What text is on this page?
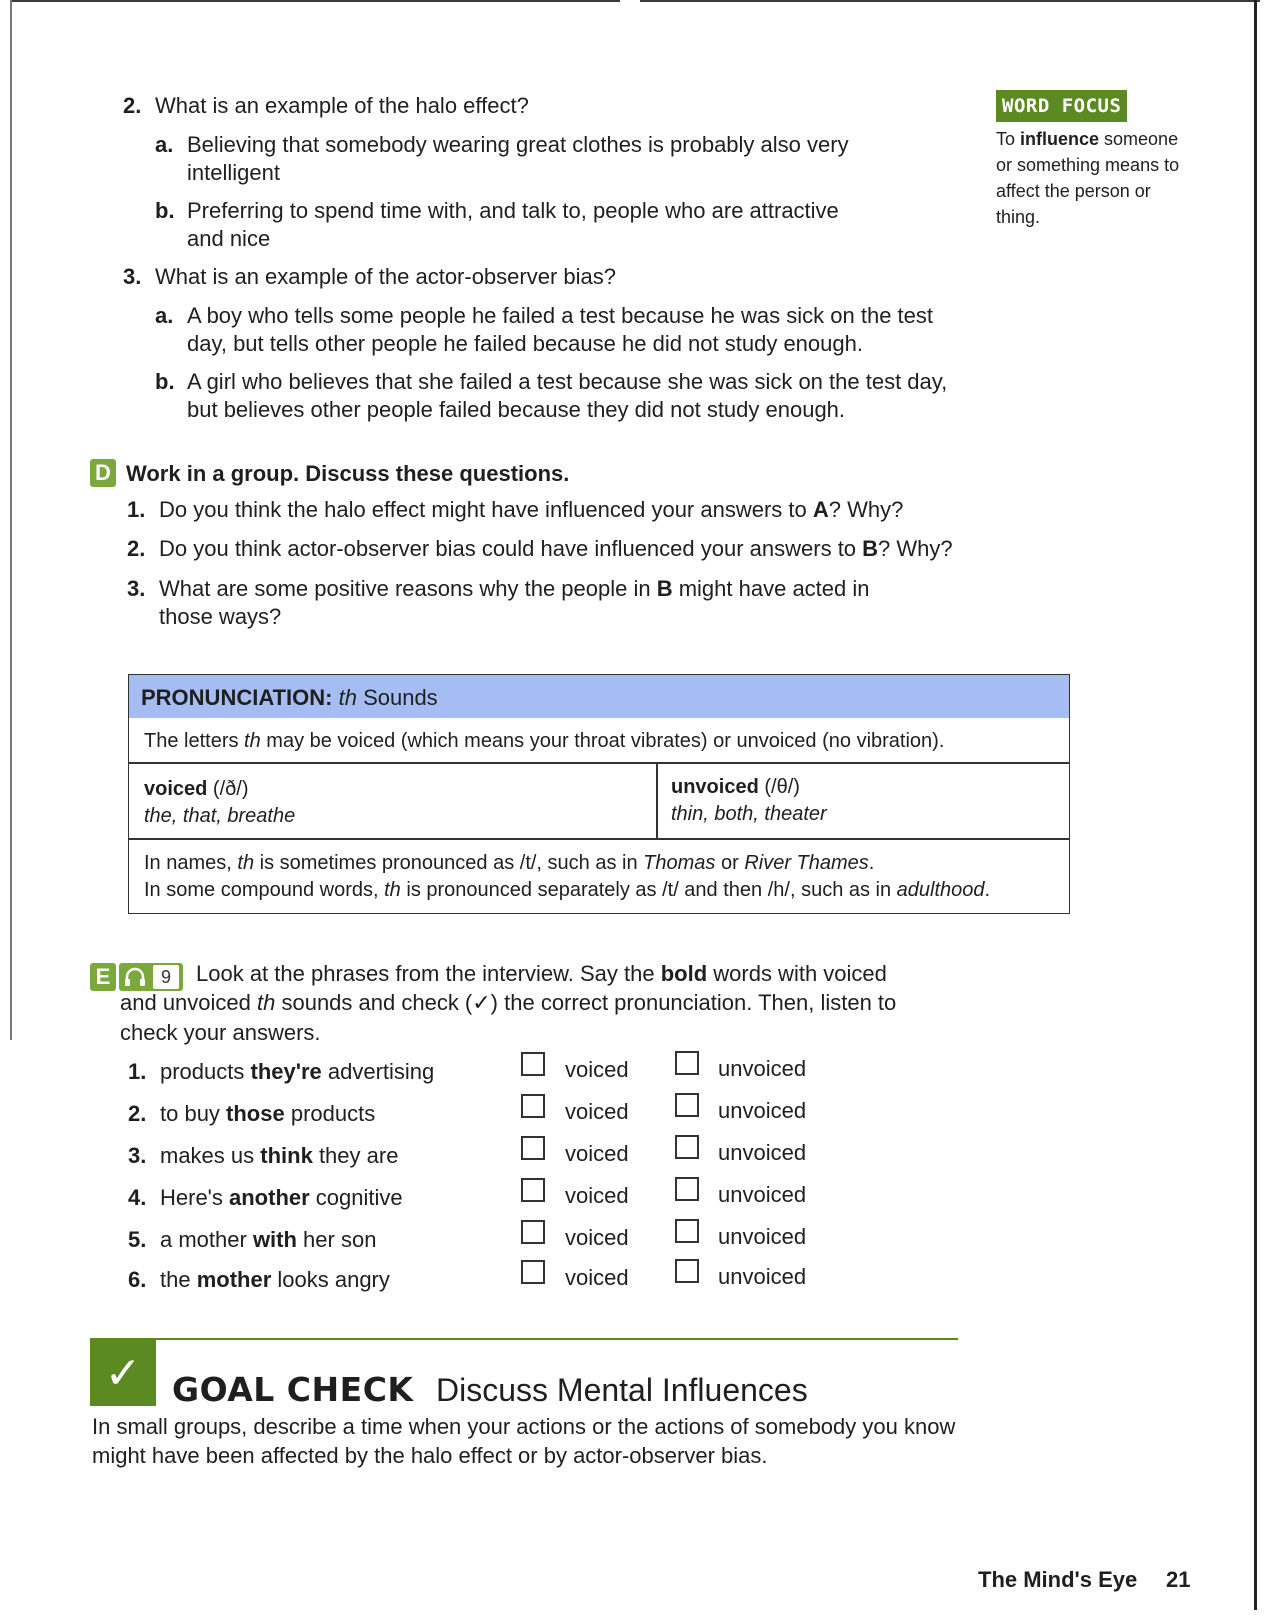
WORD FOCUS
To influence someone or something means to affect the person or thing.
2. What is an example of the halo effect?
a. Believing that somebody wearing great clothes is probably also very intelligent
b. Preferring to spend time with, and talk to, people who are attractive and nice
3. What is an example of the actor-observer bias?
a. A boy who tells some people he failed a test because he was sick on the test day, but tells other people he failed because he did not study enough.
b. A girl who believes that she failed a test because she was sick on the test day, but believes other people failed because they did not study enough.
D Work in a group. Discuss these questions.
1. Do you think the halo effect might have influenced your answers to A? Why?
2. Do you think actor-observer bias could have influenced your answers to B? Why?
3. What are some positive reasons why the people in B might have acted in those ways?
PRONUNCIATION: th Sounds
The letters th may be voiced (which means your throat vibrates) or unvoiced (no vibration).
voiced (/ð/)
the, that, breathe
unvoiced (/θ/)
thin, both, theater
In names, th is sometimes pronounced as /t/, such as in Thomas or River Thames.
In some compound words, th is pronounced separately as /t/ and then /h/, such as in adulthood.
E	9	Look at the phrases from the interview. Say the bold words with voiced
and unvoiced th sounds and check (✓) the correct pronunciation. Then, listen to
check your answers.
1. products they're advertising	voiced	unvoiced
2. to buy those products	voiced	unvoiced
3. makes us think they are	voiced	unvoiced
4. Here's another cognitive	voiced	unvoiced
5. a mother with her son	voiced	unvoiced
6. the mother looks angry	voiced	unvoiced
✓ GOAL CHECK Discuss Mental Influences
In small groups, describe a time when your actions or the actions of somebody you know might have been affected by the halo effect or by actor-observer bias.
The Mind's Eye 21
